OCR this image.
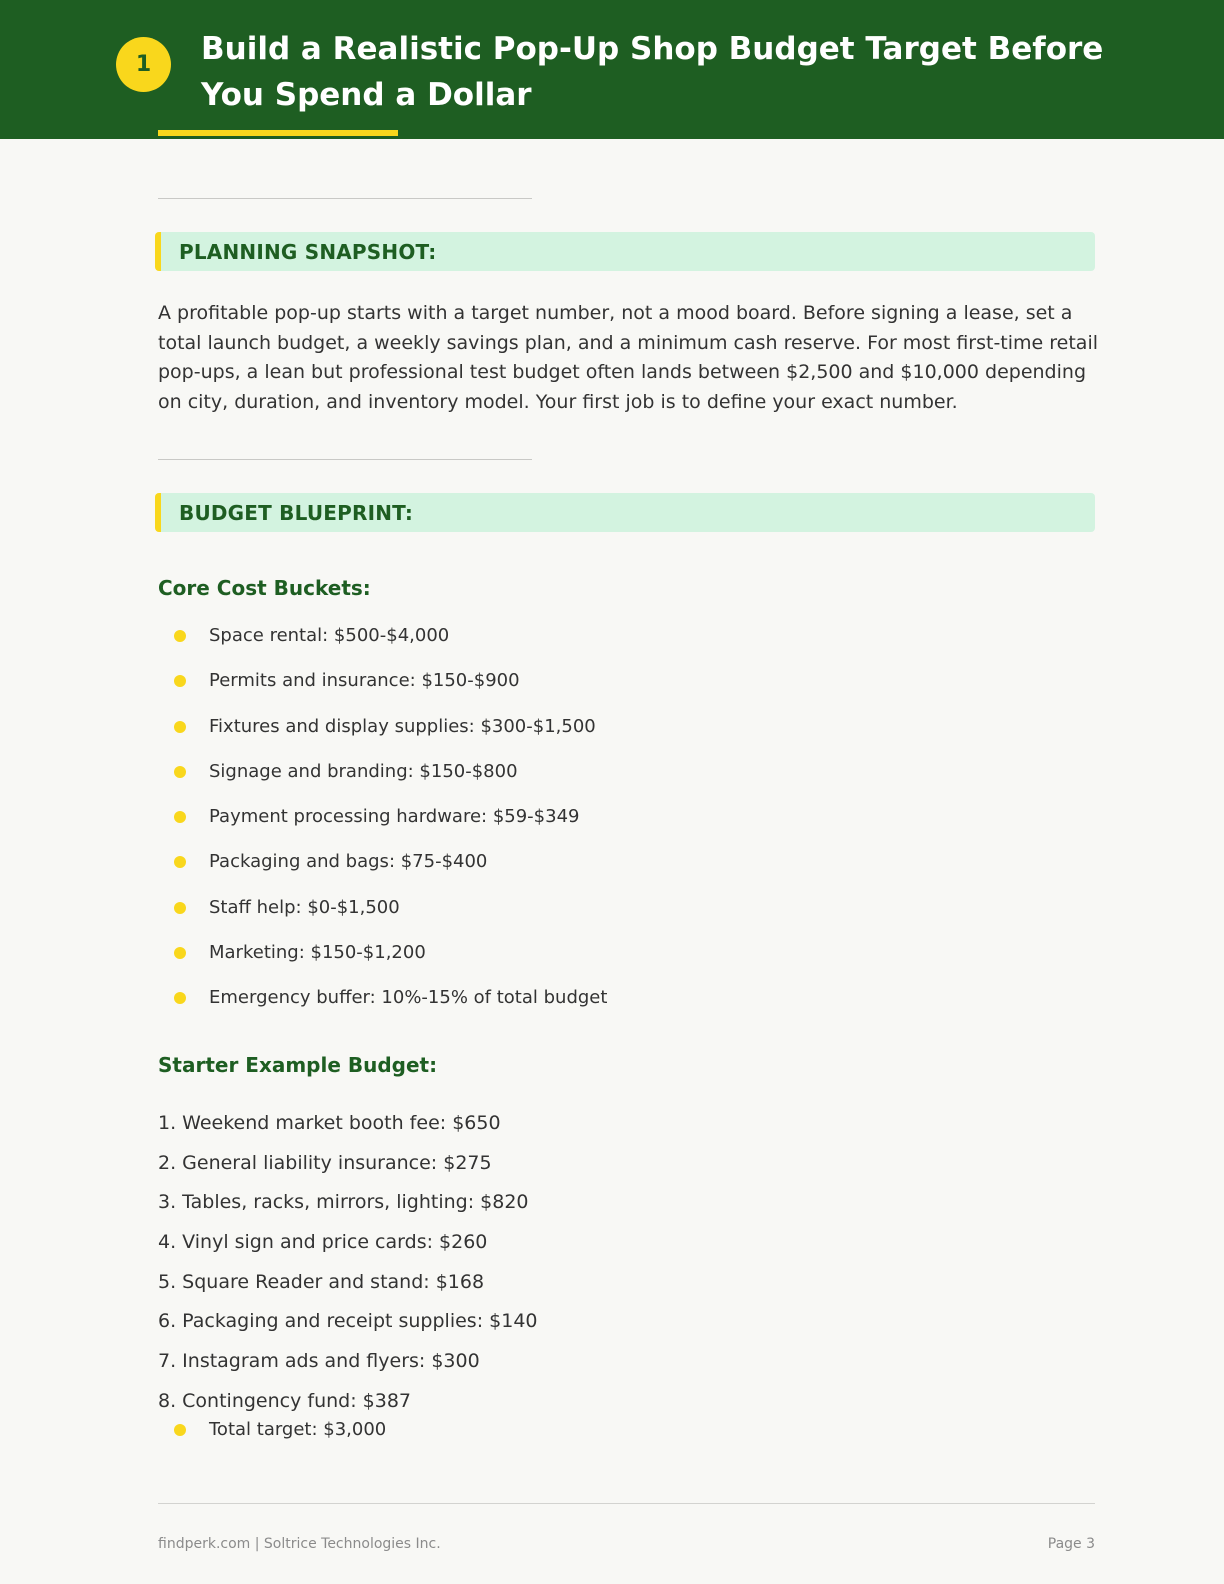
1	Build a Realistic Pop-Up Shop Budget Target Before You Spend a Dollar
PLANNING SNAPSHOT:

A profitable pop-up starts with a target number, not a mood board. Before signing a lease, set a total launch budget, a weekly savings plan, and a minimum cash reserve. For most first-time retail pop-ups, a lean but professional test budget often lands between $2,500 and $10,000 depending on city, duration, and inventory model. Your first job is to define your exact number.

BUDGET BLUEPRINT:
Core Cost Buckets:
Space rental: $500-$4,000
Permits and insurance: $150-$900
Fixtures and display supplies: $300-$1,500
Signage and branding: $150-$800
Payment processing hardware: $59-$349
Packaging and bags: $75-$400
Staff help: $0-$1,500
Marketing: $150-$1,200
Emergency buffer: 10%-15% of total budget
Starter Example Budget:
1. Weekend market booth fee: $650
2. General liability insurance: $275
3. Tables, racks, mirrors, lighting: $820
4. Vinyl sign and price cards: $260
5. Square Reader and stand: $168
6. Packaging and receipt supplies: $140
7. Instagram ads and flyers: $300
8. Contingency fund: $387
Total target: $3,000
findperk.com | Soltrice Technologies Inc.	Page 3
